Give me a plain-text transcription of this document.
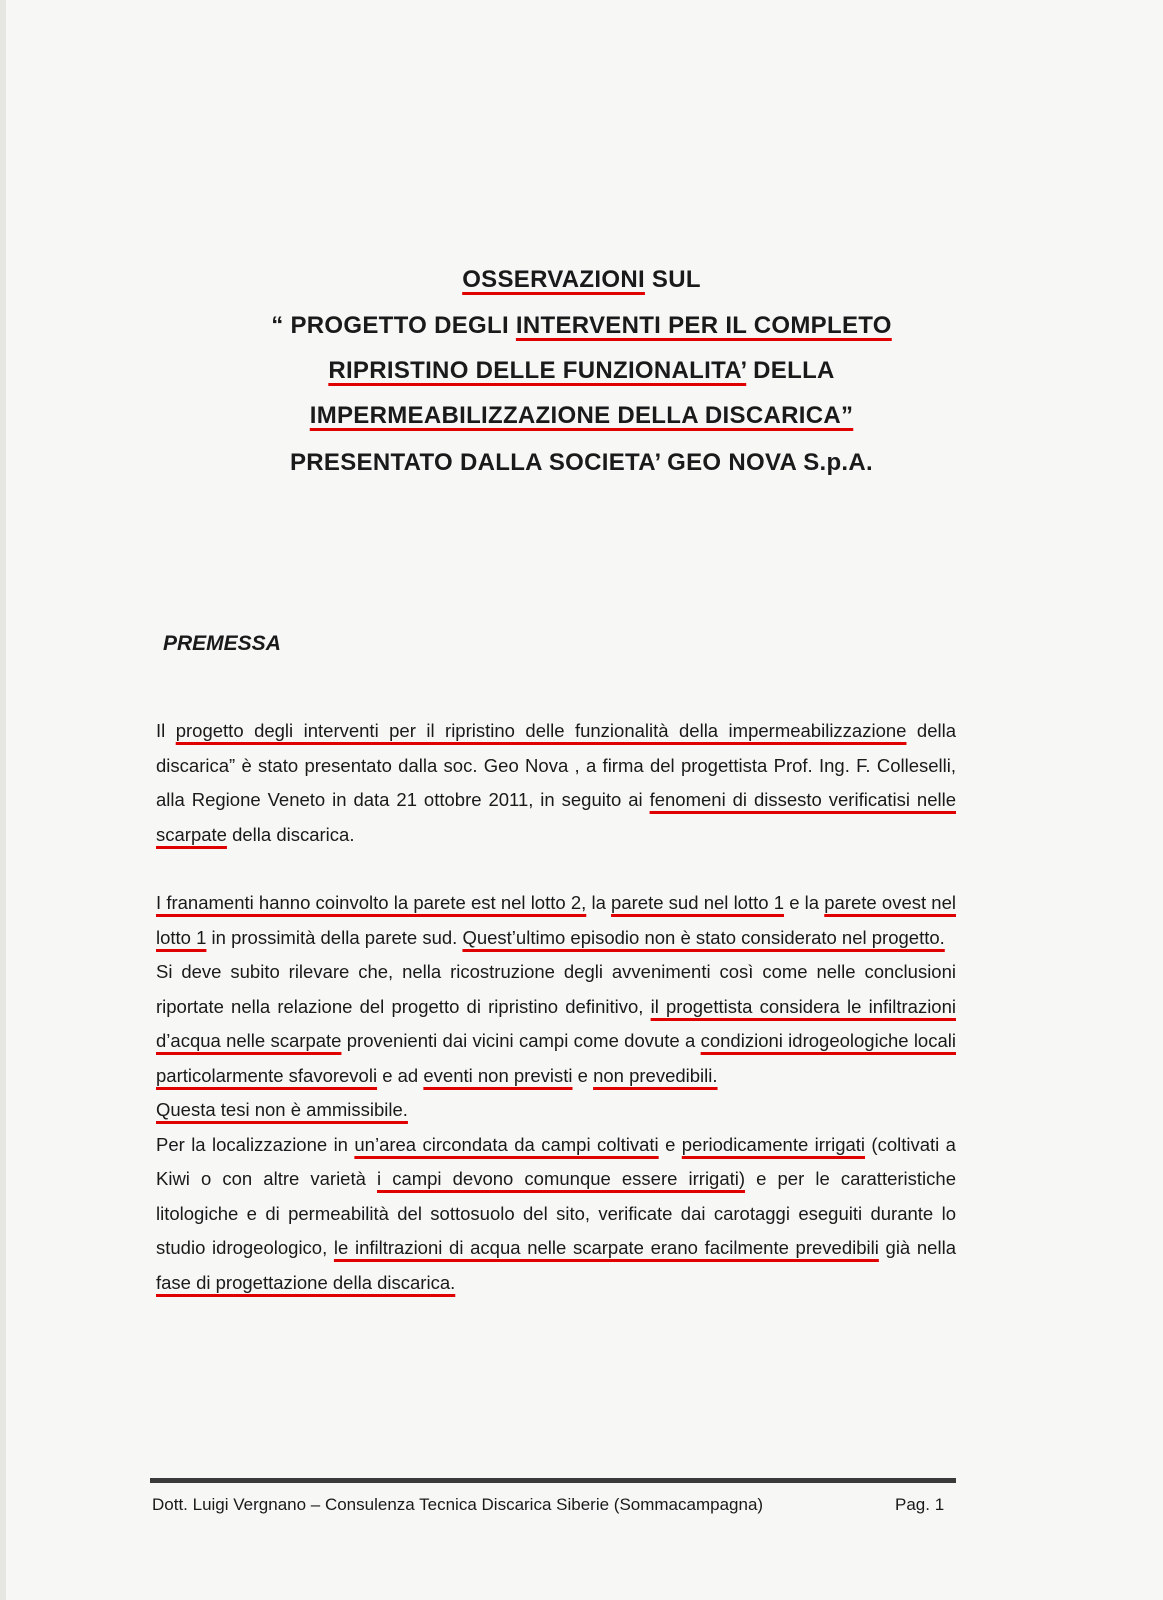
OSSERVAZIONI SUL
“ PROGETTO DEGLI INTERVENTI PER IL COMPLETO
RIPRISTINO DELLE FUNZIONALITA’ DELLA
IMPERMEABILIZZAZIONE DELLA DISCARICA”
PRESENTATO DALLA SOCIETA’ GEO NOVA S.p.A.
PREMESSA

Il progetto degli interventi per il ripristino delle funzionalità della impermeabilizzazione della discarica” è stato presentato dalla soc. Geo Nova , a firma del progettista Prof. Ing. F. Colleselli, alla Regione Veneto in data 21 ottobre 2011, in seguito ai fenomeni di dissesto verificatisi nelle scarpate della discarica.

I franamenti hanno coinvolto la parete est nel lotto 2, la parete sud nel lotto 1 e la parete ovest nel lotto 1 in prossimità della parete sud. Quest’ultimo episodio non è stato considerato nel progetto.

Si deve subito rilevare che, nella ricostruzione degli avvenimenti così come nelle conclusioni riportate nella relazione del progetto di ripristino definitivo, il progettista considera le infiltrazioni d’acqua nelle scarpate provenienti dai vicini campi come dovute a condizioni idrogeologiche locali particolarmente sfavorevoli e ad eventi non previsti e non prevedibili.

Questa tesi non è ammissibile.

Per la localizzazione in un’area circondata da campi coltivati e periodicamente irrigati (coltivati a Kiwi o con altre varietà i campi devono comunque essere irrigati) e per le caratteristiche litologiche e di permeabilità del sottosuolo del sito, verificate dai carotaggi eseguiti durante lo studio idrogeologico, le infiltrazioni di acqua nelle scarpate erano facilmente prevedibili già nella fase di progettazione della discarica.

Dott. Luigi Vergnano – Consulenza Tecnica Discarica Siberie (Sommacampagna)	Pag. 1
